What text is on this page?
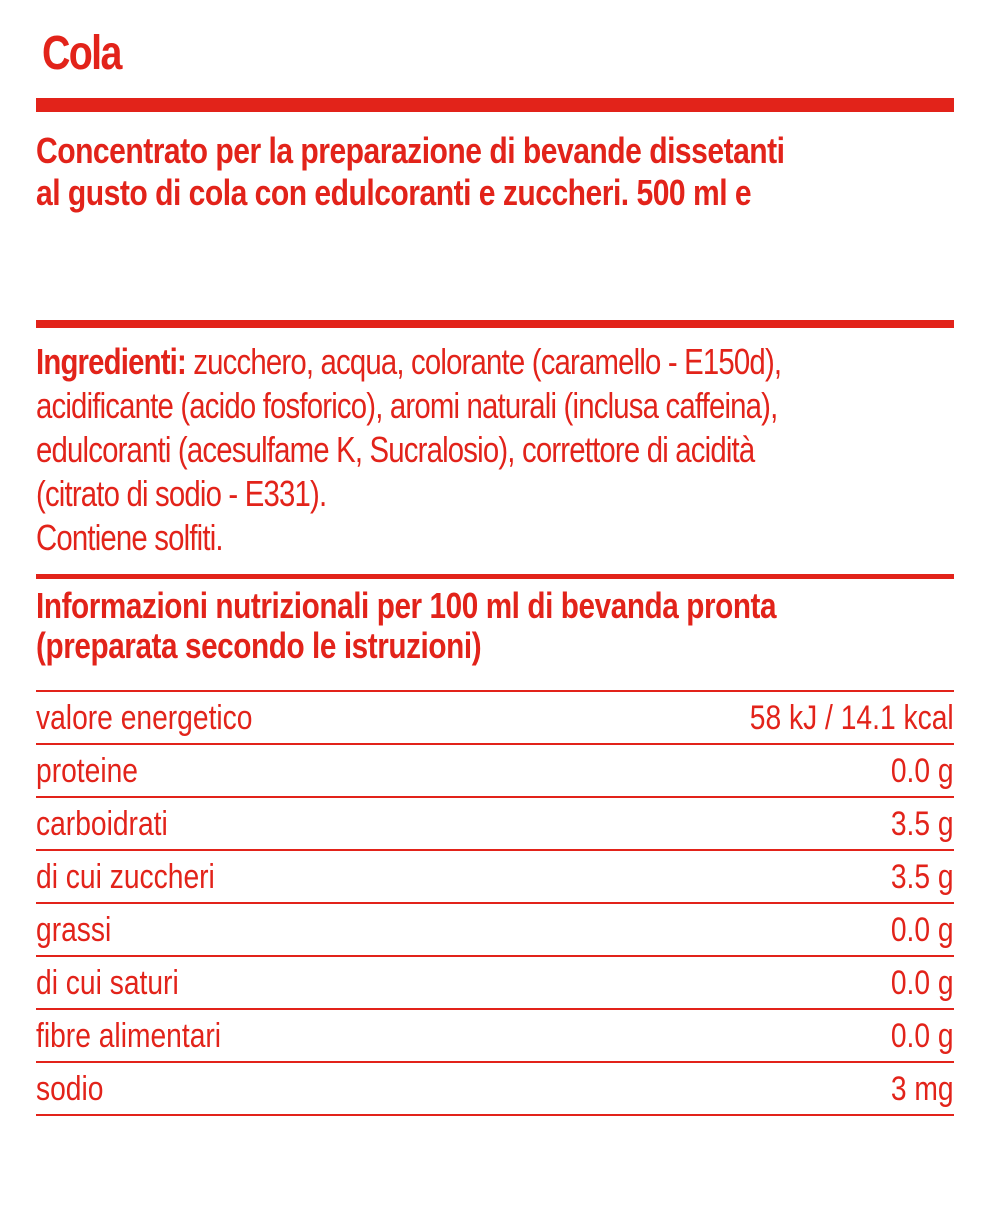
Cola

Concentrato per la preparazione di bevande dissetanti
al gusto di cola con edulcoranti e zuccheri. 500 ml e

Ingredienti: zucchero, acqua, colorante (caramello - E150d),
acidificante (acido fosforico), aromi naturali (inclusa caffeina),
edulcoranti (acesulfame K, Sucralosio), correttore di acidità
(citrato di sodio - E331).
Contiene solfiti.

Informazioni nutrizionali per 100 ml di bevanda pronta
(preparata secondo le istruzioni)
valore energetico	58 kJ / 14.1 kcal
proteine	0.0 g
carboidrati	3.5 g
di cui zuccheri	3.5 g
grassi	0.0 g
di cui saturi	0.0 g
fibre alimentari	0.0 g
sodio	3 mg
